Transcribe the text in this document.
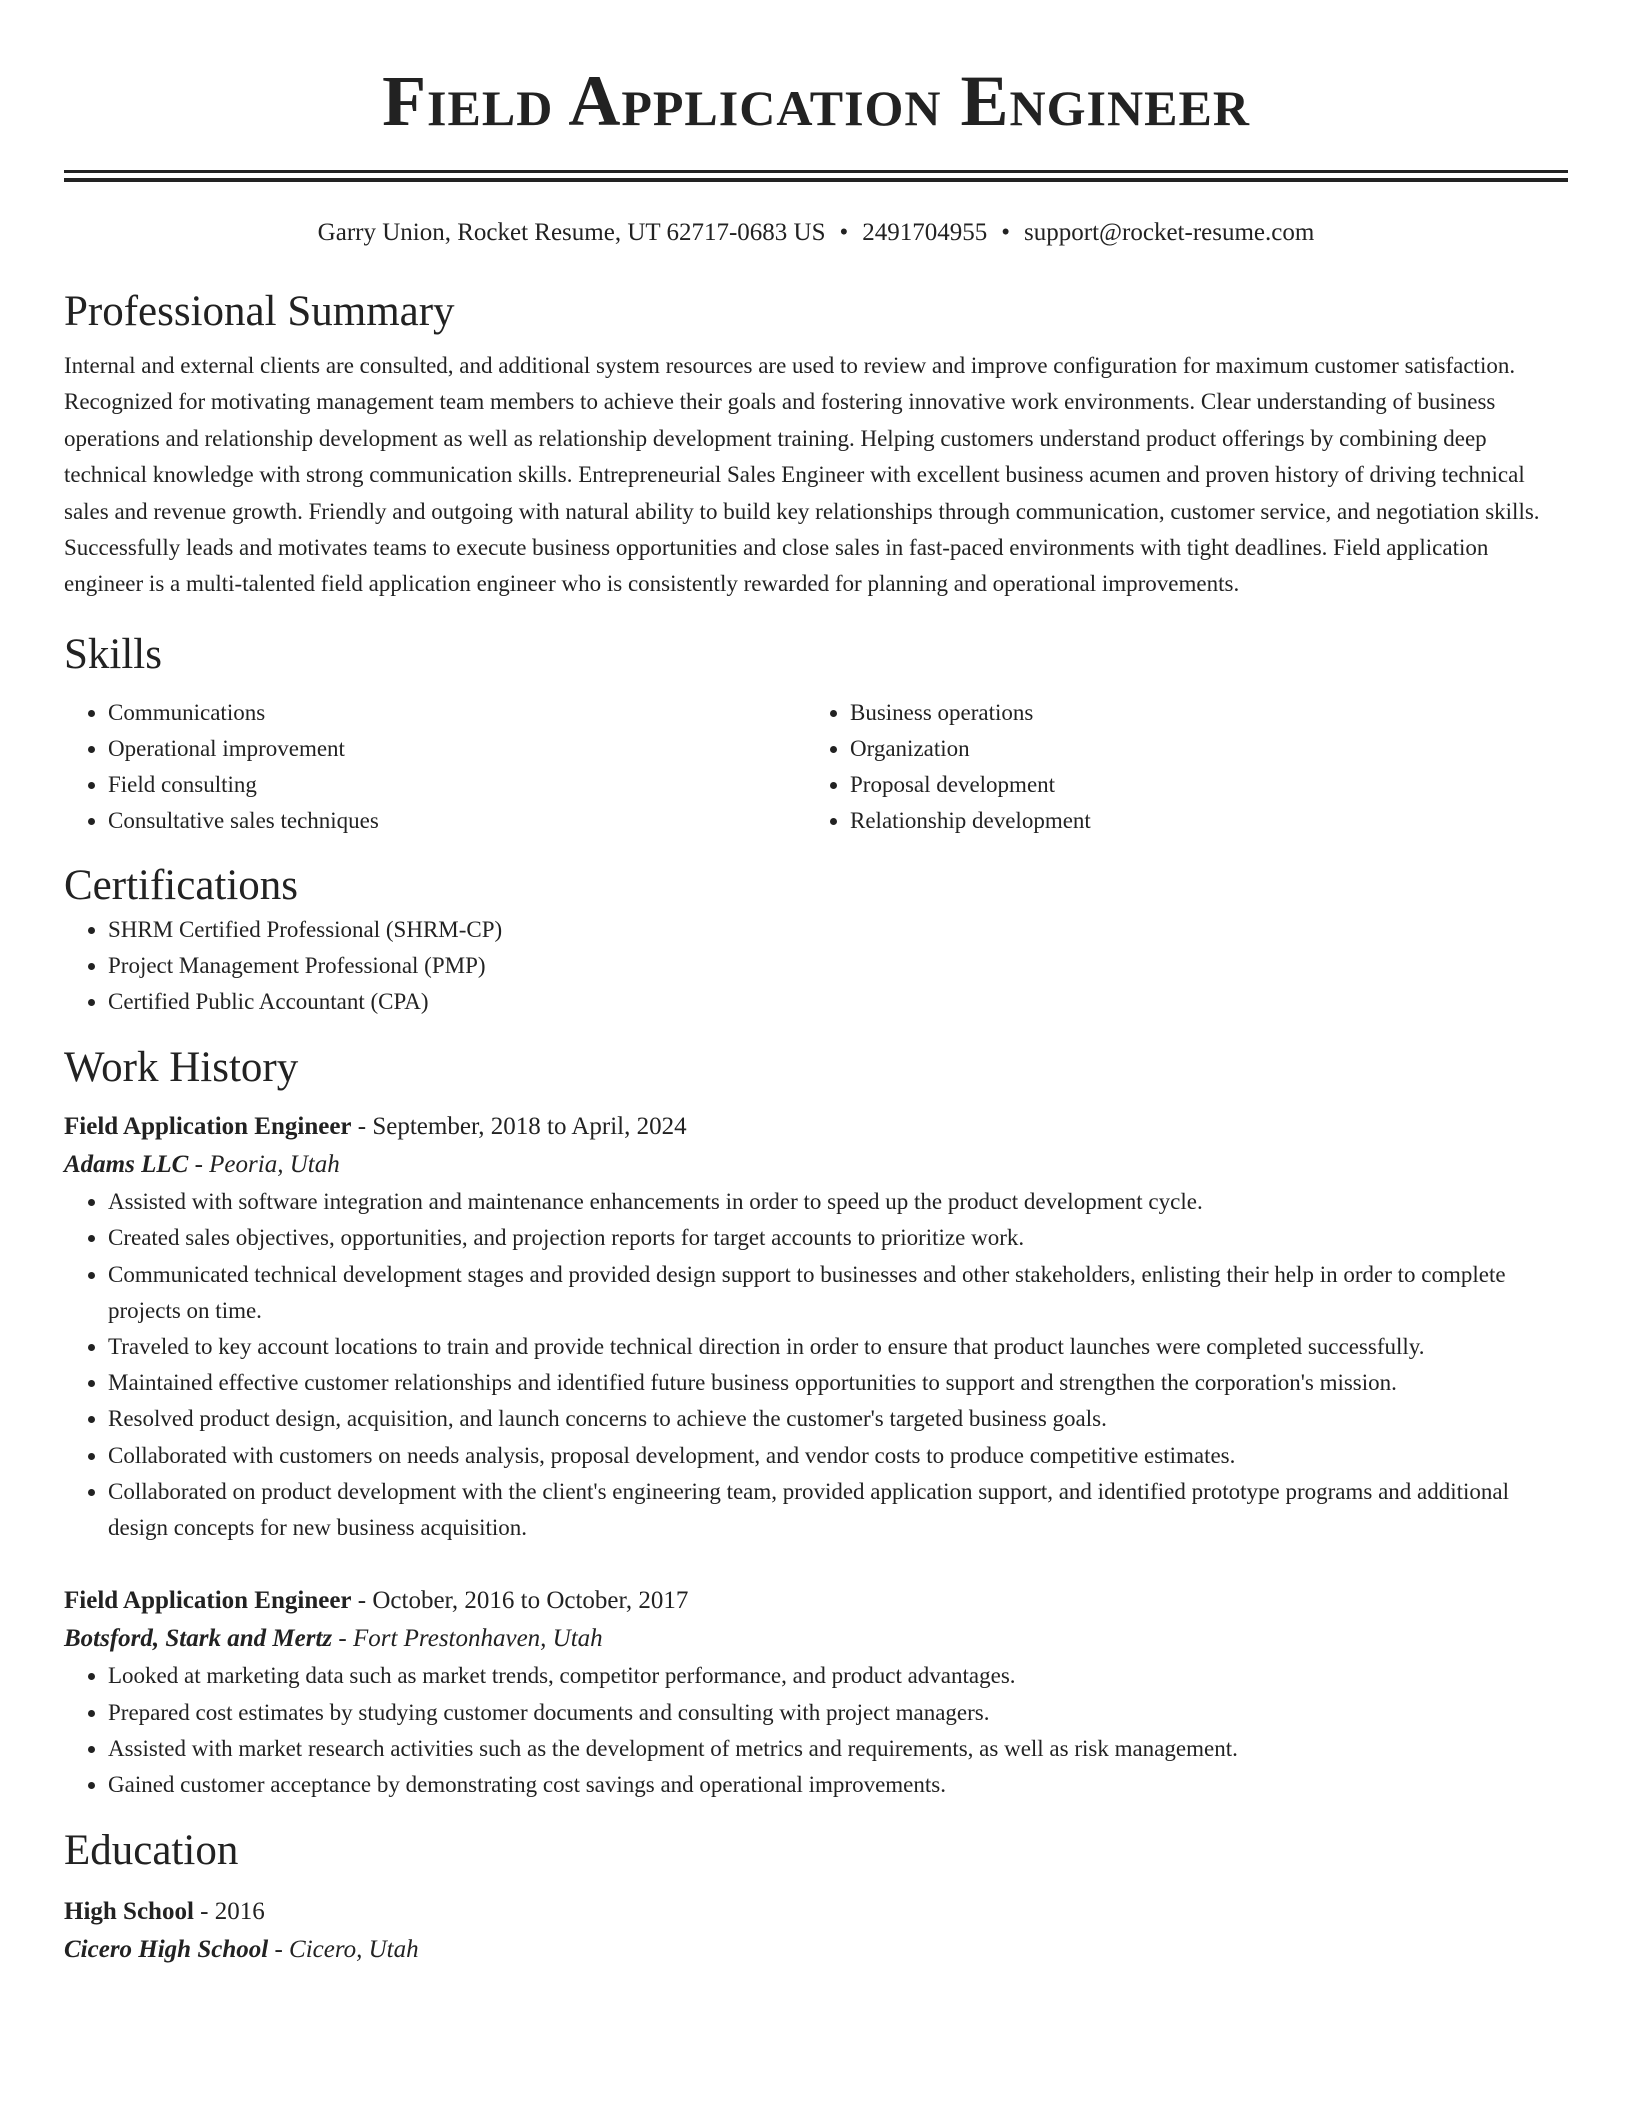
Field Application Engineer
Garry Union, Rocket Resume, UT 62717-0683 US • 2491704955 • support@rocket-resume.com
Professional Summary
Internal and external clients are consulted, and additional system resources are used to review and improve configuration for maximum customer satisfaction. Recognized for motivating management team members to achieve their goals and fostering innovative work environments. Clear understanding of business operations and relationship development as well as relationship development training. Helping customers understand product offerings by combining deep technical knowledge with strong communication skills. Entrepreneurial Sales Engineer with excellent business acumen and proven history of driving technical sales and revenue growth. Friendly and outgoing with natural ability to build key relationships through communication, customer service, and negotiation skills. Successfully leads and motivates teams to execute business opportunities and close sales in fast-paced environments with tight deadlines. Field application engineer is a multi-talented field application engineer who is consistently rewarded for planning and operational improvements.
Skills
• Communications
• Operational improvement
• Field consulting
• Consultative sales techniques
• Business operations
• Organization
• Proposal development
• Relationship development
Certifications
• SHRM Certified Professional (SHRM-CP)
• Project Management Professional (PMP)
• Certified Public Accountant (CPA)
Work History
Field Application Engineer - September, 2018 to April, 2024
Adams LLC - Peoria, Utah
• Assisted with software integration and maintenance enhancements in order to speed up the product development cycle.
• Created sales objectives, opportunities, and projection reports for target accounts to prioritize work.
• Communicated technical development stages and provided design support to businesses and other stakeholders, enlisting their help in order to complete projects on time.
• Traveled to key account locations to train and provide technical direction in order to ensure that product launches were completed successfully.
• Maintained effective customer relationships and identified future business opportunities to support and strengthen the corporation's mission.
• Resolved product design, acquisition, and launch concerns to achieve the customer's targeted business goals.
• Collaborated with customers on needs analysis, proposal development, and vendor costs to produce competitive estimates.
• Collaborated on product development with the client's engineering team, provided application support, and identified prototype programs and additional design concepts for new business acquisition.
Field Application Engineer - October, 2016 to October, 2017
Botsford, Stark and Mertz - Fort Prestonhaven, Utah
• Looked at marketing data such as market trends, competitor performance, and product advantages.
• Prepared cost estimates by studying customer documents and consulting with project managers.
• Assisted with market research activities such as the development of metrics and requirements, as well as risk management.
• Gained customer acceptance by demonstrating cost savings and operational improvements.
Education
High School - 2016
Cicero High School - Cicero, Utah
